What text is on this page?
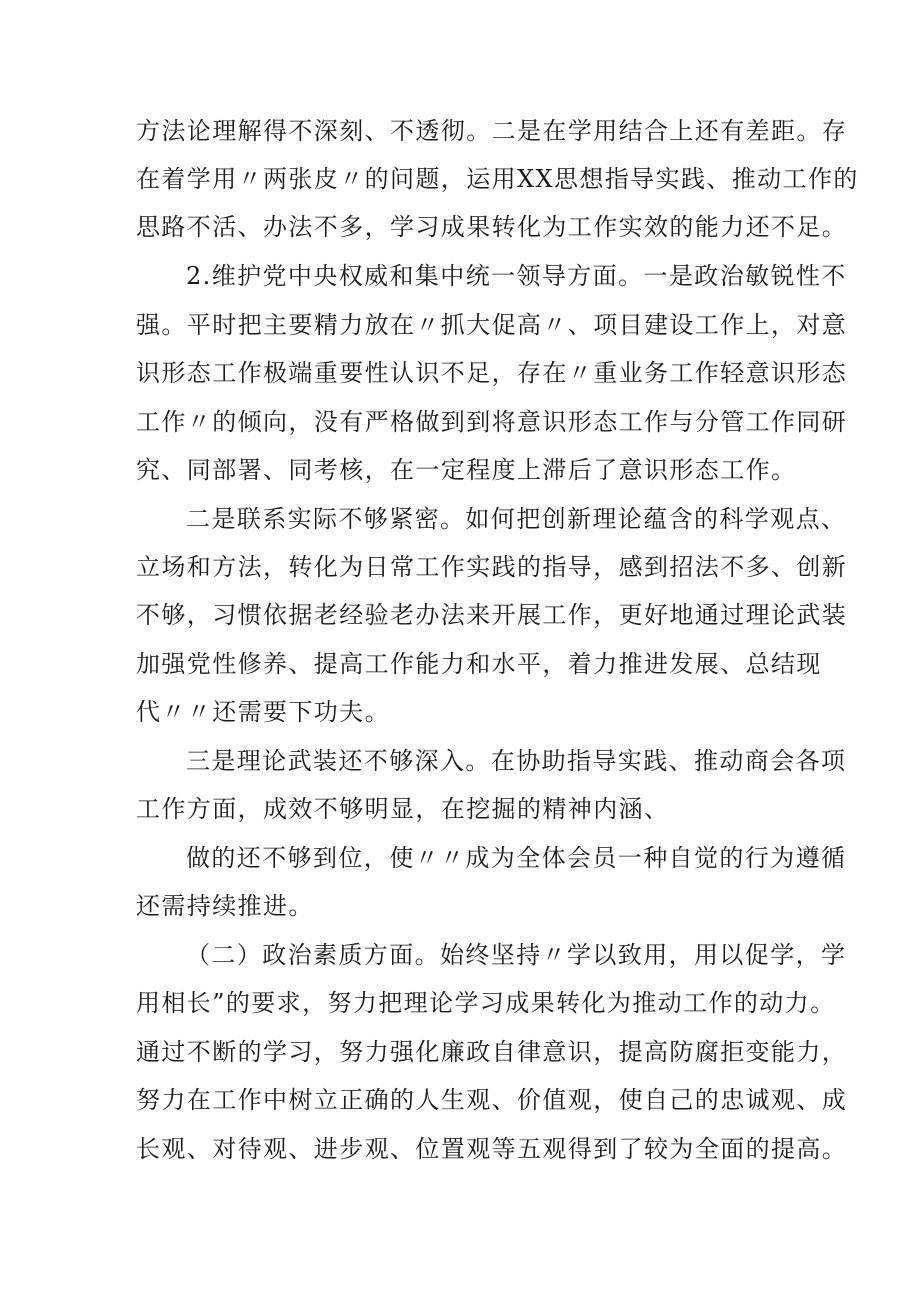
方法论理解得不深刻、不透彻。二是在学用结合上还有差距。存
在着学用〃两张皮〃的问题，运用XX思想指导实践、推动工作的
思路不活、办法不多，学习成果转化为工作实效的能力还不足。
2.维护党中央权威和集中统一领导方面。一是政治敏锐性不
强。平时把主要精力放在〃抓大促高〃、项目建设工作上，对意
识形态工作极端重要性认识不足，存在〃重业务工作轻意识形态
工作〃的倾向，没有严格做到到将意识形态工作与分管工作同研
究、同部署、同考核，在一定程度上滞后了意识形态工作。
二是联系实际不够紧密。如何把创新理论蕴含的科学观点、
立场和方法，转化为日常工作实践的指导，感到招法不多、创新
不够，习惯依据老经验老办法来开展工作，更好地通过理论武装
加强党性修养、提高工作能力和水平，着力推进发展、总结现
代〃〃还需要下功夫。
三是理论武装还不够深入。在协助指导实践、推动商会各项
工作方面，成效不够明显，在挖掘的精神内涵、
做的还不够到位，使〃〃成为全体会员一种自觉的行为遵循
还需持续推进。
（二）政治素质方面。始终坚持〃学以致用，用以促学，学
用相长”的要求，努力把理论学习成果转化为推动工作的动力。
通过不断的学习，努力强化廉政自律意识，提高防腐拒变能力，
努力在工作中树立正确的人生观、价值观，使自己的忠诚观、成
长观、对待观、进步观、位置观等五观得到了较为全面的提高。
